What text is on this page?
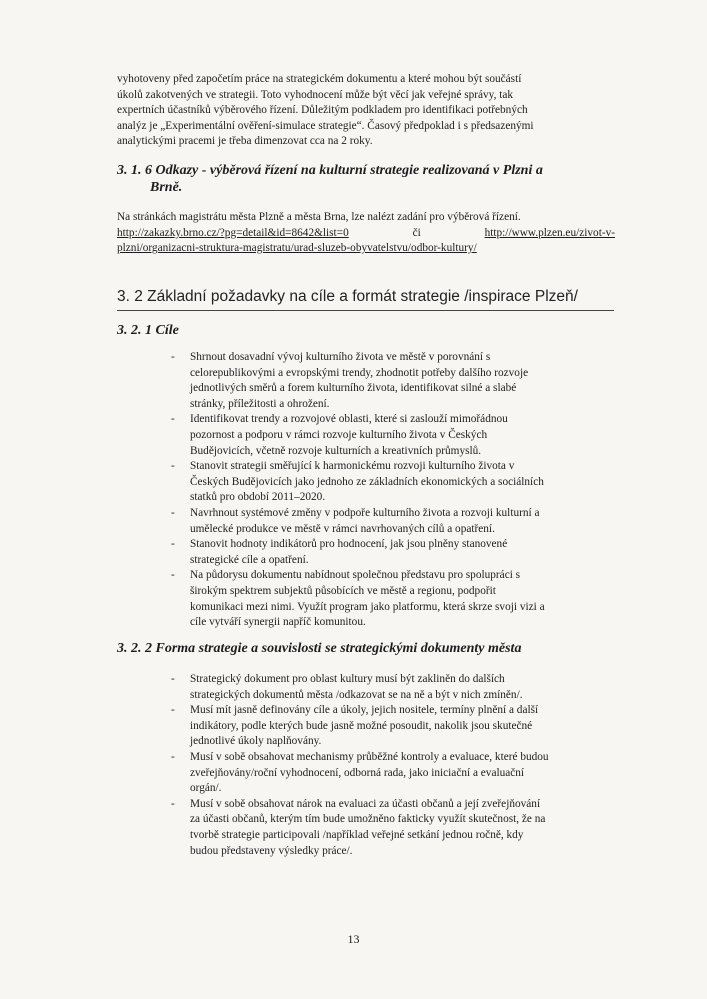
vyhotoveny před započetím práce na strategickém dokumentu a které mohou být součástí
úkolů zakotvených ve strategii. Toto vyhodnocení může být věcí jak veřejné správy, tak
expertních účastníků výběrového řízení. Důležitým podkladem pro identifikaci potřebných
analýz je „Experimentální ověření-simulace strategie“. Časový předpoklad i s předsazenými
analytickými pracemi je třeba dimenzovat cca na 2 roky.

3. 1. 6 Odkazy - výběrová řízení na kulturní strategie realizovaná v Plzni a
Brně.

Na stránkách magistrátu města Plzně a města Brna, lze nalézt zadání pro výběrová řízení.

http://zakazky.brno.cz/?pg=detail&id=8642&list=0	či	http://www.plzen.eu/zivot-v-
plzni/organizacni-struktura-magistratu/urad-sluzeb-obyvatelstvu/odbor-kultury/

3. 2 Základní požadavky na cíle a formát strategie /inspirace Plzeň/

3. 2. 1 Cíle

- Shrnout dosavadní vývoj kulturního života ve městě v porovnání s
celorepublikovými a evropskými trendy, zhodnotit potřeby dalšího rozvoje
jednotlivých směrů a forem kulturního života, identifikovat silné a slabé
stránky, příležitosti a ohrožení.
- Identifikovat trendy a rozvojové oblasti, které si zaslouží mimořádnou
pozornost a podporu v rámci rozvoje kulturního života v Českých
Budějovicích, včetně rozvoje kulturních a kreativních průmyslů.
- Stanovit strategii směřující k harmonickému rozvoji kulturního života v
Českých Budějovicích jako jednoho ze základních ekonomických a sociálních
statků pro období 2011–2020.
- Navrhnout systémové změny v podpoře kulturního života a rozvoji kulturní a
umělecké produkce ve městě v rámci navrhovaných cílů a opatření.
- Stanovit hodnoty indikátorů pro hodnocení, jak jsou plněny stanovené
strategické cíle a opatření.
- Na půdorysu dokumentu nabídnout společnou představu pro spolupráci s
širokým spektrem subjektů působících ve městě a regionu, podpořit
komunikaci mezi nimi. Využít program jako platformu, která skrze svoji vizi a
cíle vytváří synergii napříč komunitou.

3. 2. 2 Forma strategie a souvislosti se strategickými dokumenty města

- Strategický dokument pro oblast kultury musí být zakliněn do dalších
strategických dokumentů města /odkazovat se na ně a být v nich zmíněn/.
- Musí mít jasně definovány cíle a úkoly, jejich nositele, termíny plnění a další
indikátory, podle kterých bude jasně možné posoudit, nakolik jsou skutečné
jednotlivé úkoly naplňovány.
- Musí v sobě obsahovat mechanismy průběžné kontroly a evaluace, které budou
zveřejňovány/roční vyhodnocení, odborná rada, jako iniciační a evaluační
orgán/.
- Musí v sobě obsahovat nárok na evaluaci za účasti občanů a její zveřejňování
za účasti občanů, kterým tím bude umožněno fakticky využít skutečnost, že na
tvorbě strategie participovali /například veřejné setkání jednou ročně, kdy
budou představeny výsledky práce/.
13
